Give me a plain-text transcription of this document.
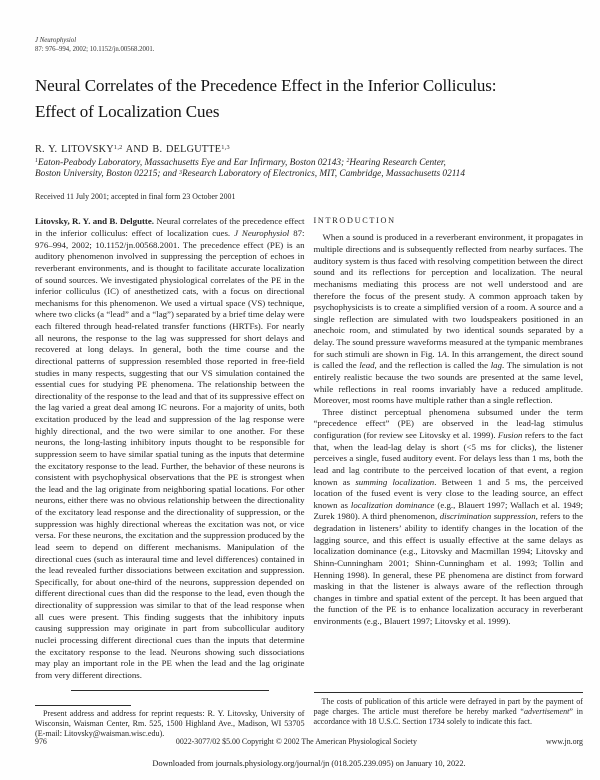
J Neurophysiol
87: 976–994, 2002; 10.1152/jn.00568.2001.
Neural Correlates of the Precedence Effect in the Inferior Colliculus:
Effect of Localization Cues
R. Y. LITOVSKY$^{1,2}$ AND B. DELGUTTE$^{1,3}$
$^1$Eaton-Peabody Laboratory, Massachusetts Eye and Ear Infirmary, Boston 02143; $^2$Hearing Research Center,
Boston University, Boston 02215; and $^3$Research Laboratory of Electronics, MIT, Cambridge, Massachusetts 02114
Received 11 July 2001; accepted in final form 23 October 2001

Litovsky, R. Y. and B. Delgutte. Neural correlates of the precedence effect in the inferior colliculus: effect of localization cues. J Neurophysiol 87: 976–994, 2002; 10.1152/jn.00568.2001. The precedence effect (PE) is an auditory phenomenon involved in suppressing the perception of echoes in reverberant environments, and is thought to facilitate accurate localization of sound sources. We investigated physiological correlates of the PE in the inferior colliculus (IC) of anesthetized cats, with a focus on directional mechanisms for this phenomenon. We used a virtual space (VS) technique, where two clicks (a “lead” and a “lag”) separated by a brief time delay were each filtered through head-related transfer functions (HRTFs). For nearly all neurons, the response to the lag was suppressed for short delays and recovered at long delays. In general, both the time course and the directional patterns of suppression resembled those reported in free-field studies in many respects, suggesting that our VS simulation contained the essential cues for studying PE phenomena. The relationship between the directionality of the response to the lead and that of its suppressive effect on the lag varied a great deal among IC neurons. For a majority of units, both excitation produced by the lead and suppression of the lag response were highly directional, and the two were similar to one another. For these neurons, the long-lasting inhibitory inputs thought to be responsible for suppression seem to have similar spatial tuning as the inputs that determine the excitatory response to the lead. Further, the behavior of these neurons is consistent with psychophysical observations that the PE is strongest when the lead and the lag originate from neighboring spatial locations. For other neurons, either there was no obvious relationship between the directionality of the excitatory lead response and the directionality of suppression, or the suppression was highly directional whereas the excitation was not, or vice versa. For these neurons, the excitation and the suppression produced by the lead seem to depend on different mechanisms. Manipulation of the directional cues (such as interaural time and level differences) contained in the lead revealed further dissociations between excitation and suppression. Specifically, for about one-third of the neurons, suppression depended on different directional cues than did the response to the lead, even though the directionality of suppression was similar to that of the lead response when all cues were present. This finding suggests that the inhibitory inputs causing suppression may originate in part from subcollicular auditory nuclei processing different directional cues than the inputs that determine the excitatory response to the lead. Neurons showing such dissociations may play an important role in the PE when the lead and the lag originate from very different directions.

Present address and address for reprint requests: R. Y. Litovsky, University of Wisconsin, Waisman Center, Rm. 525, 1500 Highland Ave., Madison, WI 53705 (E-mail: Litovsky@waisman.wisc.edu).

INTRODUCTION

When a sound is produced in a reverberant environment, it propagates in multiple directions and is subsequently reflected from nearby surfaces. The auditory system is thus faced with resolving competition between the direct sound and its reflections for perception and localization. The neural mechanisms mediating this process are not well understood and are therefore the focus of the present study. A common approach taken by psychophysicists is to create a simplified version of a room. A source and a single reflection are simulated with two loudspeakers positioned in an anechoic room, and stimulated by two identical sounds separated by a delay. The sound pressure waveforms measured at the tympanic membranes for such stimuli are shown in Fig. 1A. In this arrangement, the direct sound is called the lead, and the reflection is called the lag. The simulation is not entirely realistic because the two sounds are presented at the same level, while reflections in real rooms invariably have a reduced amplitude. Moreover, most rooms have multiple rather than a single reflection.

Three distinct perceptual phenomena subsumed under the term “precedence effect” (PE) are observed in the lead-lag stimulus configuration (for review see Litovsky et al. 1999). Fusion refers to the fact that, when the lead-lag delay is short (<5 ms for clicks), the listener perceives a single, fused auditory event. For delays less than 1 ms, both the lead and lag contribute to the perceived location of that event, a region known as summing localization. Between 1 and 5 ms, the perceived location of the fused event is very close to the leading source, an effect known as localization dominance (e.g., Blauert 1997; Wallach et al. 1949; Zurek 1980). A third phenomenon, discrimination suppression, refers to the degradation in listeners’ ability to identify changes in the location of the lagging source, and this effect is usually effective at the same delays as localization dominance (e.g., Litovsky and Macmillan 1994; Litovsky and Shinn-Cunningham 2001; Shinn-Cunningham et al. 1993; Tollin and Henning 1998). In general, these PE phenomena are distinct from forward masking in that the listener is always aware of the reflection through changes in timbre and spatial extent of the percept. It has been argued that the function of the PE is to enhance localization accuracy in reverberant environments (e.g., Blauert 1997; Litovsky et al. 1999).

The costs of publication of this article were defrayed in part by the payment of page charges. The article must therefore be hereby marked “advertisement” in accordance with 18 U.S.C. Section 1734 solely to indicate this fact.

976	0022-3077/02 $5.00 Copyright © 2002 The American Physiological Society	www.jn.org
Downloaded from journals.physiology.org/journal/jn (018.205.239.095) on January 10, 2022.
